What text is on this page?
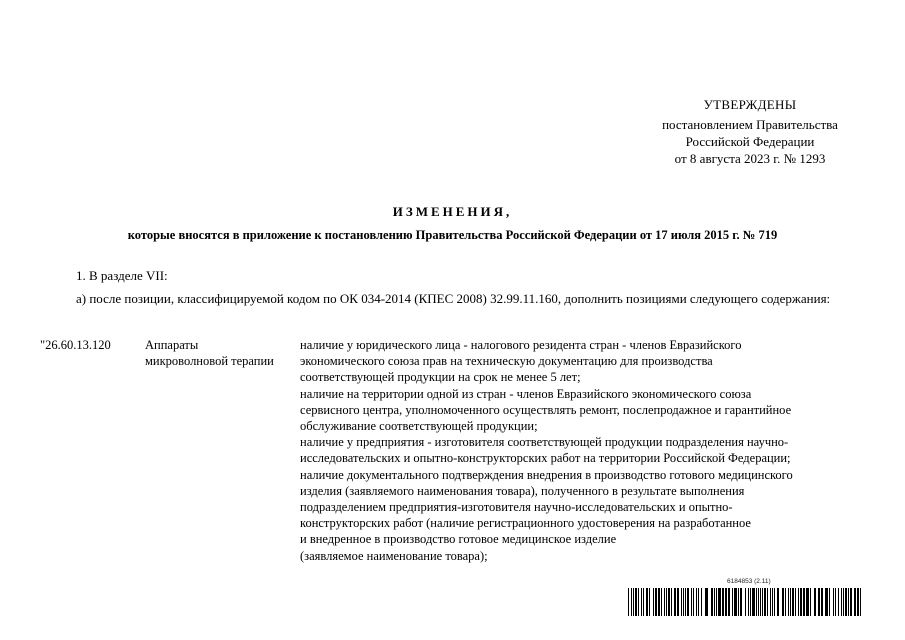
УТВЕРЖДЕНЫ
постановлением Правительства
Российской Федерации
от 8 августа 2023 г. № 1293
ИЗМЕНЕНИЯ,
которые вносятся в приложение к постановлению Правительства Российской Федерации от 17 июля 2015 г. № 719
1. В разделе VII:
а) после позиции, классифицируемой кодом по ОК 034-2014 (КПЕС 2008) 32.99.11.160, дополнить позициями следующего содержания:
"26.60.13.120	Аппараты
микроволновой терапии
наличие у юридического лица - налогового резидента стран - членов Евразийского
экономического союза прав на техническую документацию для производства
соответствующей продукции на срок не менее 5 лет;
наличие на территории одной из стран - членов Евразийского экономического союза
сервисного центра, уполномоченного осуществлять ремонт, послепродажное и гарантийное
обслуживание соответствующей продукции;
наличие у предприятия - изготовителя соответствующей продукции подразделения научно-
исследовательских и опытно-конструкторских работ на территории Российской Федерации;
наличие документального подтверждения внедрения в производство готового медицинского
изделия (заявляемого наименования товара), полученного в результате выполнения
подразделением предприятия-изготовителя научно-исследовательских и опытно-
конструкторских работ (наличие регистрационного удостоверения на разработанное
и внедренное в производство готовое медицинское изделие
(заявляемое наименование товара);
6184853 (2.11)
